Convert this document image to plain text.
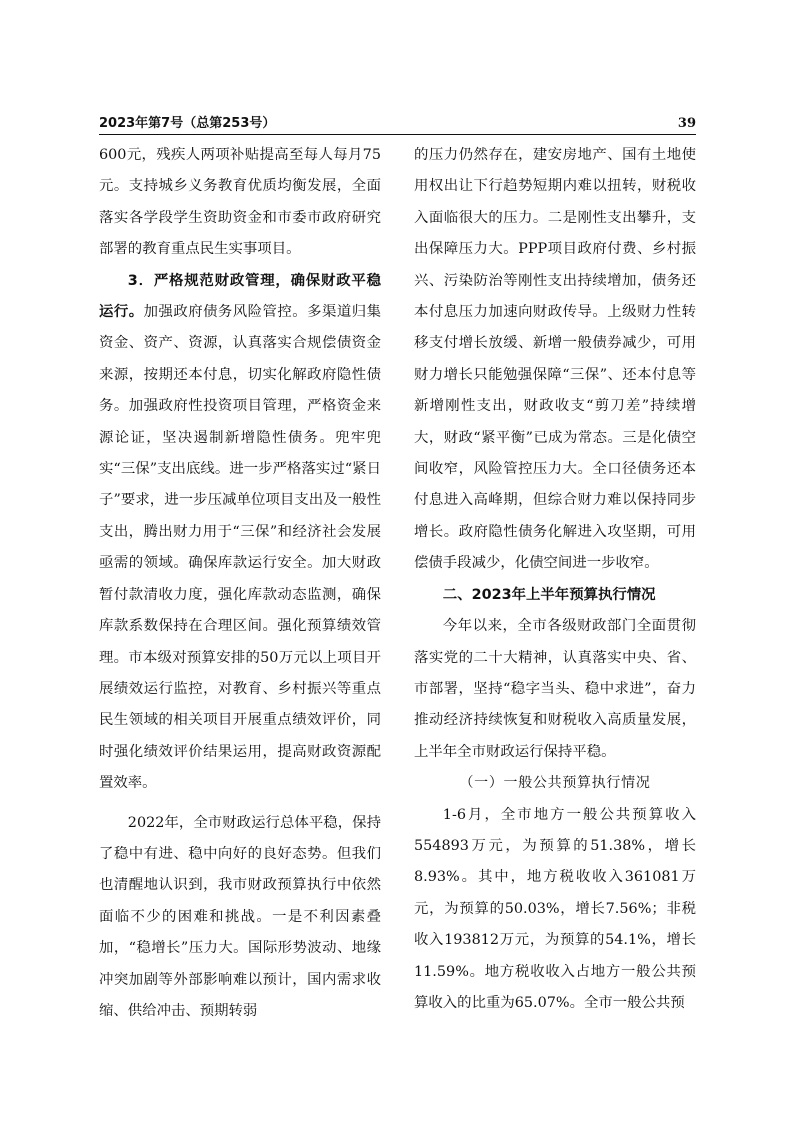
2023年第7号（总第253号）	39

600元，残疾人两项补贴提高至每人每月75元。支持城乡义务教育优质均衡发展，全面落实各学段学生资助资金和市委市政府研究部署的教育重点民生实事项目。

3．严格规范财政管理，确保财政平稳运行。加强政府债务风险管控。多渠道归集资金、资产、资源，认真落实合规偿债资金来源，按期还本付息，切实化解政府隐性债务。加强政府性投资项目管理，严格资金来源论证，坚决遏制新增隐性债务。兜牢兜实“三保”支出底线。进一步严格落实过“紧日子”要求，进一步压减单位项目支出及一般性支出，腾出财力用于“三保”和经济社会发展亟需的领域。确保库款运行安全。加大财政暂付款清收力度，强化库款动态监测，确保库款系数保持在合理区间。强化预算绩效管理。市本级对预算安排的50万元以上项目开展绩效运行监控，对教育、乡村振兴等重点民生领域的相关项目开展重点绩效评价，同时强化绩效评价结果运用，提高财政资源配置效率。

2022年，全市财政运行总体平稳，保持了稳中有进、稳中向好的良好态势。但我们也清醒地认识到，我市财政预算执行中依然面临不少的困难和挑战。一是不利因素叠加，“稳增长”压力大。国际形势波动、地缘冲突加剧等外部影响难以预计，国内需求收缩、供给冲击、预期转弱

的压力仍然存在，建安房地产、国有土地使用权出让下行趋势短期内难以扭转，财税收入面临很大的压力。二是刚性支出攀升，支出保障压力大。PPP项目政府付费、乡村振兴、污染防治等刚性支出持续增加，债务还本付息压力加速向财政传导。上级财力性转移支付增长放缓、新增一般债券减少，可用财力增长只能勉强保障“三保”、还本付息等新增刚性支出，财政收支“剪刀差”持续增大，财政“紧平衡”已成为常态。三是化债空间收窄，风险管控压力大。全口径债务还本付息进入高峰期，但综合财力难以保持同步增长。政府隐性债务化解进入攻坚期，可用偿债手段减少，化债空间进一步收窄。

二、2023年上半年预算执行情况

今年以来，全市各级财政部门全面贯彻落实党的二十大精神，认真落实中央、省、市部署，坚持“稳字当头、稳中求进”，奋力推动经济持续恢复和财税收入高质量发展，上半年全市财政运行保持平稳。

（一）一般公共预算执行情况

1-6月，全市地方一般公共预算收入554893万元，为预算的51.38%，增长8.93%。其中，地方税收收入361081万元，为预算的50.03%，增长7.56%；非税收入193812万元，为预算的54.1%，增长11.59%。地方税收收入占地方一般公共预算收入的比重为65.07%。全市一般公共预
